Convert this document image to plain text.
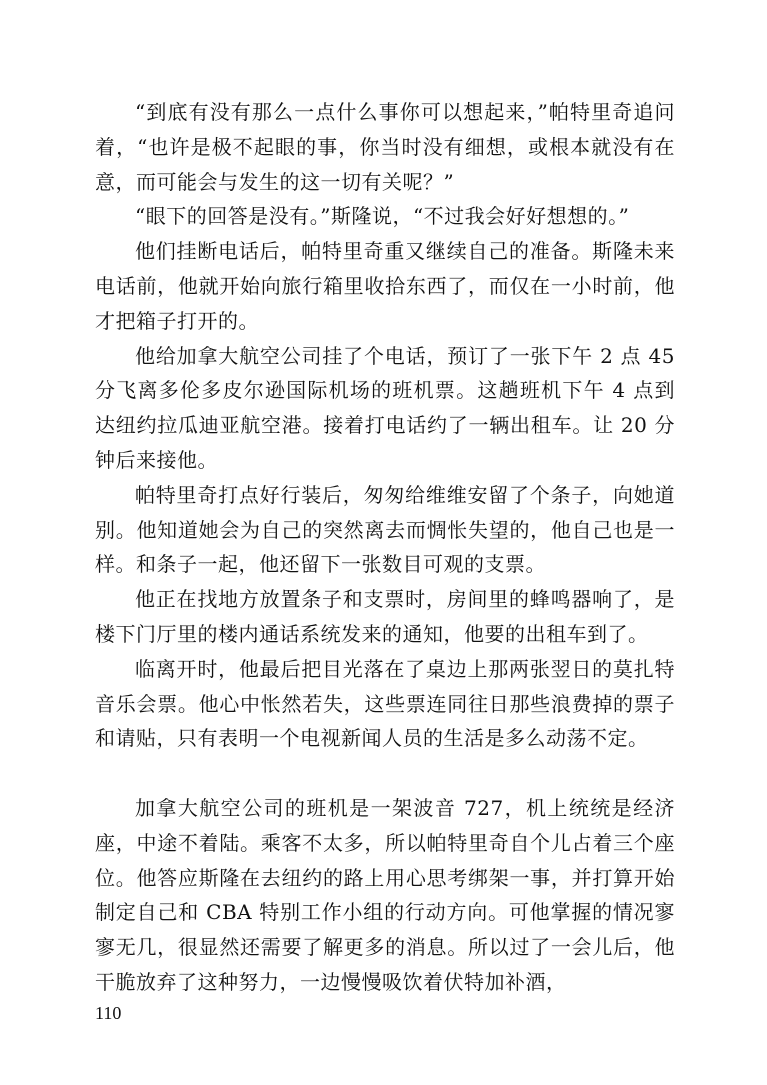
“到底有没有那么一点什么事你可以想起来，”帕特里奇追问着，“也许是极不起眼的事，你当时没有细想，或根本就没有在意，而可能会与发生的这一切有关呢？”

“眼下的回答是没有。”斯隆说，“不过我会好好想想的。”

他们挂断电话后，帕特里奇重又继续自己的准备。斯隆未来电话前，他就开始向旅行箱里收拾东西了，而仅在一小时前，他才把箱子打开的。

他给加拿大航空公司挂了个电话，预订了一张下午 2 点 45 分飞离多伦多皮尔逊国际机场的班机票。这趟班机下午 4 点到达纽约拉瓜迪亚航空港。接着打电话约了一辆出租车。让 20 分钟后来接他。

帕特里奇打点好行装后，匆匆给维维安留了个条子，向她道别。他知道她会为自己的突然离去而惆怅失望的，他自己也是一样。和条子一起，他还留下一张数目可观的支票。

他正在找地方放置条子和支票时，房间里的蜂鸣器响了，是楼下门厅里的楼内通话系统发来的通知，他要的出租车到了。

临离开时，他最后把目光落在了桌边上那两张翌日的莫扎特音乐会票。他心中怅然若失，这些票连同往日那些浪费掉的票子和请贴，只有表明一个电视新闻人员的生活是多么动荡不定。

加拿大航空公司的班机是一架波音 727，机上统统是经济座，中途不着陆。乘客不太多，所以帕特里奇自个儿占着三个座位。他答应斯隆在去纽约的路上用心思考绑架一事，并打算开始制定自己和 CBA 特别工作小组的行动方向。可他掌握的情况寥寥无几，很显然还需要了解更多的消息。所以过了一会儿后，他干脆放弃了这种努力，一边慢慢吸饮着伏特加补酒，

110
